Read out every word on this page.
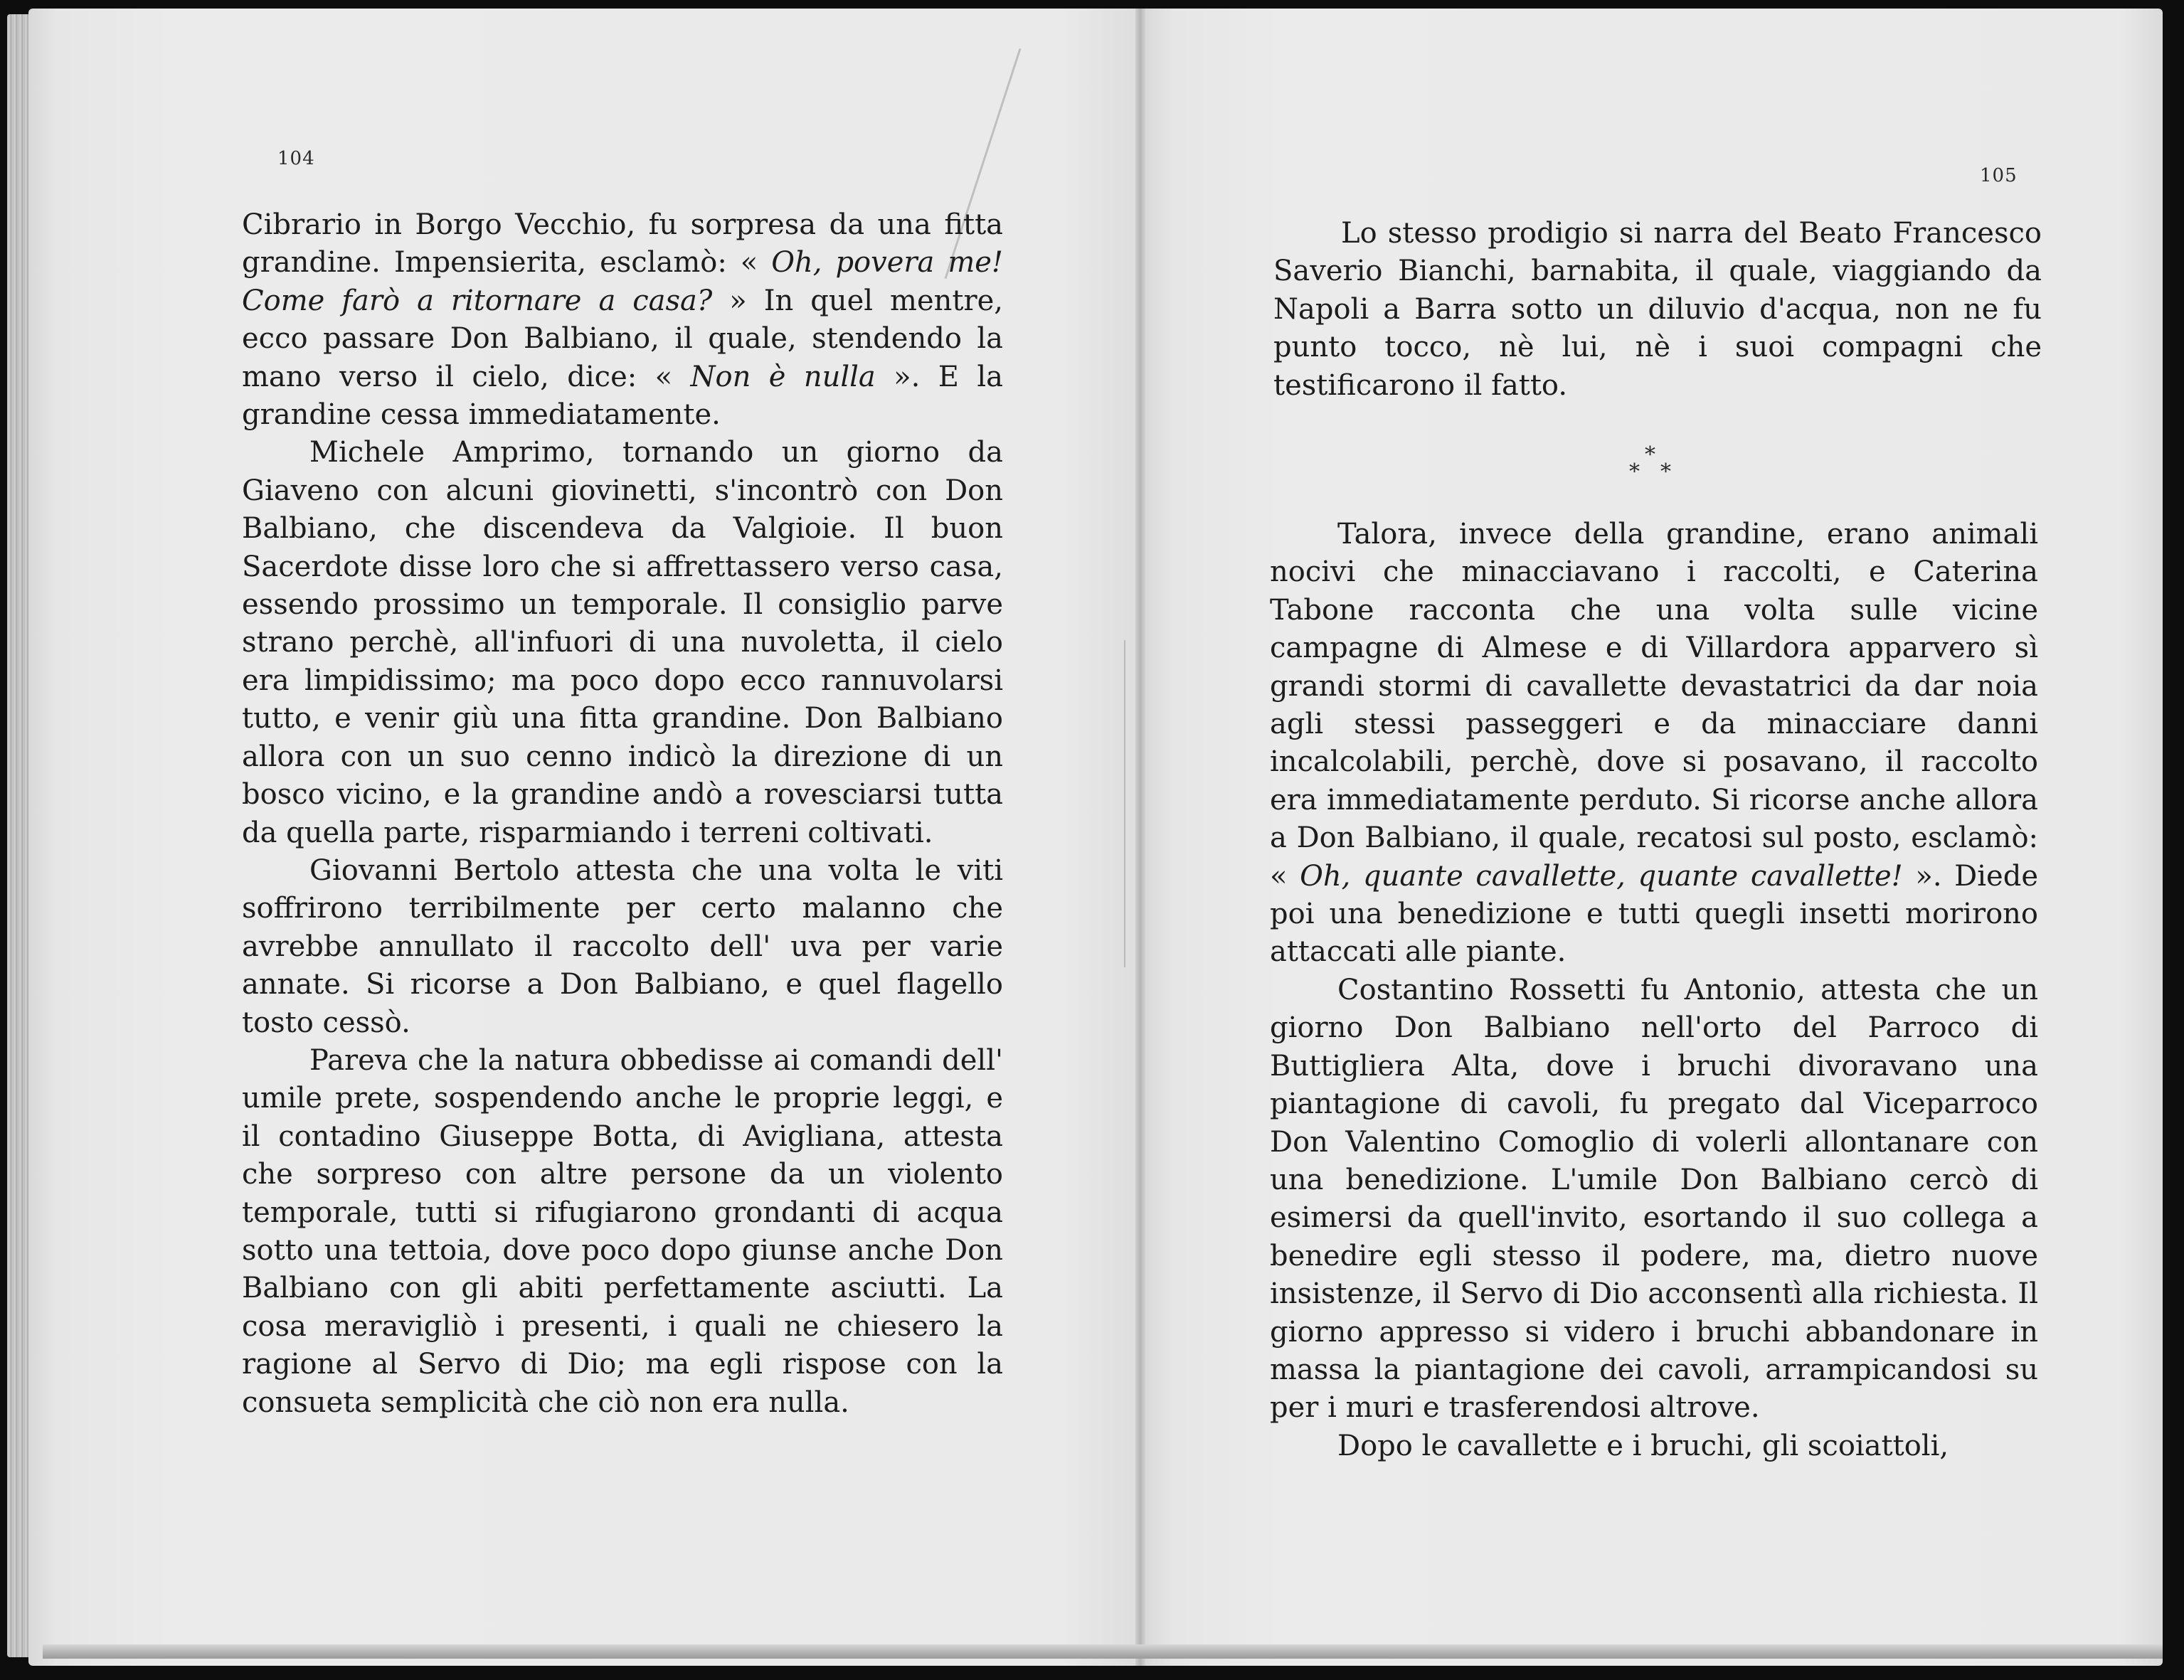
104
105

Cibrario in Borgo Vecchio, fu sorpresa da una fitta grandine. Impensierita, esclamò: « Oh, povera me! Come farò a ritornare a casa? » In quel mentre, ecco passare Don Balbiano, il quale, stendendo la mano verso il cielo, dice: « Non è nulla ». E la grandine cessa immediatamente.

Michele Amprimo, tornando un giorno da Giaveno con alcuni giovinetti, s'incontrò con Don Balbiano, che discendeva da Valgioie. Il buon Sacerdote disse loro che si affrettassero verso casa, essendo prossimo un temporale. Il consiglio parve strano perchè, all'infuori di una nuvoletta, il cielo era limpidissimo; ma poco dopo ecco rannuvolarsi tutto, e venir giù una fitta grandine. Don Balbiano allora con un suo cenno indicò la direzione di un bosco vicino, e la grandine andò a rovesciarsi tutta da quella parte, risparmiando i terreni coltivati.

Giovanni Bertolo attesta che una volta le viti soffrirono terribilmente per certo malanno che avrebbe annullato il raccolto dell' uva per varie annate. Si ricorse a Don Balbiano, e quel flagello tosto cessò.

Pareva che la natura obbedisse ai comandi dell' umile prete, sospendendo anche le proprie leggi, e il contadino Giuseppe Botta, di Avigliana, attesta che sorpreso con altre persone da un violento temporale, tutti si rifugiarono grondanti di acqua sotto una tettoia, dove poco dopo giunse anche Don Balbiano con gli abiti perfettamente asciutti. La cosa meravigliò i presenti, i quali ne chiesero la ragione al Servo di Dio; ma egli rispose con la consueta semplicità che ciò non era nulla.

Lo stesso prodigio si narra del Beato Francesco Saverio Bianchi, barnabita, il quale, viaggiando da Napoli a Barra sotto un diluvio d'acqua, non ne fu punto tocco, nè lui, nè i suoi compagni che testificarono il fatto.

*
* *

Talora, invece della grandine, erano animali nocivi che minacciavano i raccolti, e Caterina Tabone racconta che una volta sulle vicine campagne di Almese e di Villardora apparvero sì grandi stormi di cavallette devastatrici da dar noia agli stessi passeggeri e da minacciare danni incalcolabili, perchè, dove si posavano, il raccolto era immediatamente perduto. Si ricorse anche allora a Don Balbiano, il quale, recatosi sul posto, esclamò: « Oh, quante cavallette, quante cavallette! ». Diede poi una benedizione e tutti quegli insetti morirono attaccati alle piante.

Costantino Rossetti fu Antonio, attesta che un giorno Don Balbiano nell'orto del Parroco di Buttigliera Alta, dove i bruchi divoravano una piantagione di cavoli, fu pregato dal Viceparroco Don Valentino Comoglio di volerli allontanare con una benedizione. L'umile Don Balbiano cercò di esimersi da quell'invito, esortando il suo collega a benedire egli stesso il podere, ma, dietro nuove insistenze, il Servo di Dio acconsentì alla richiesta. Il giorno appresso si videro i bruchi abbandonare in massa la piantagione dei cavoli, arrampicandosi su per i muri e trasferendosi altrove.

Dopo le cavallette e i bruchi, gli scoiattoli,
